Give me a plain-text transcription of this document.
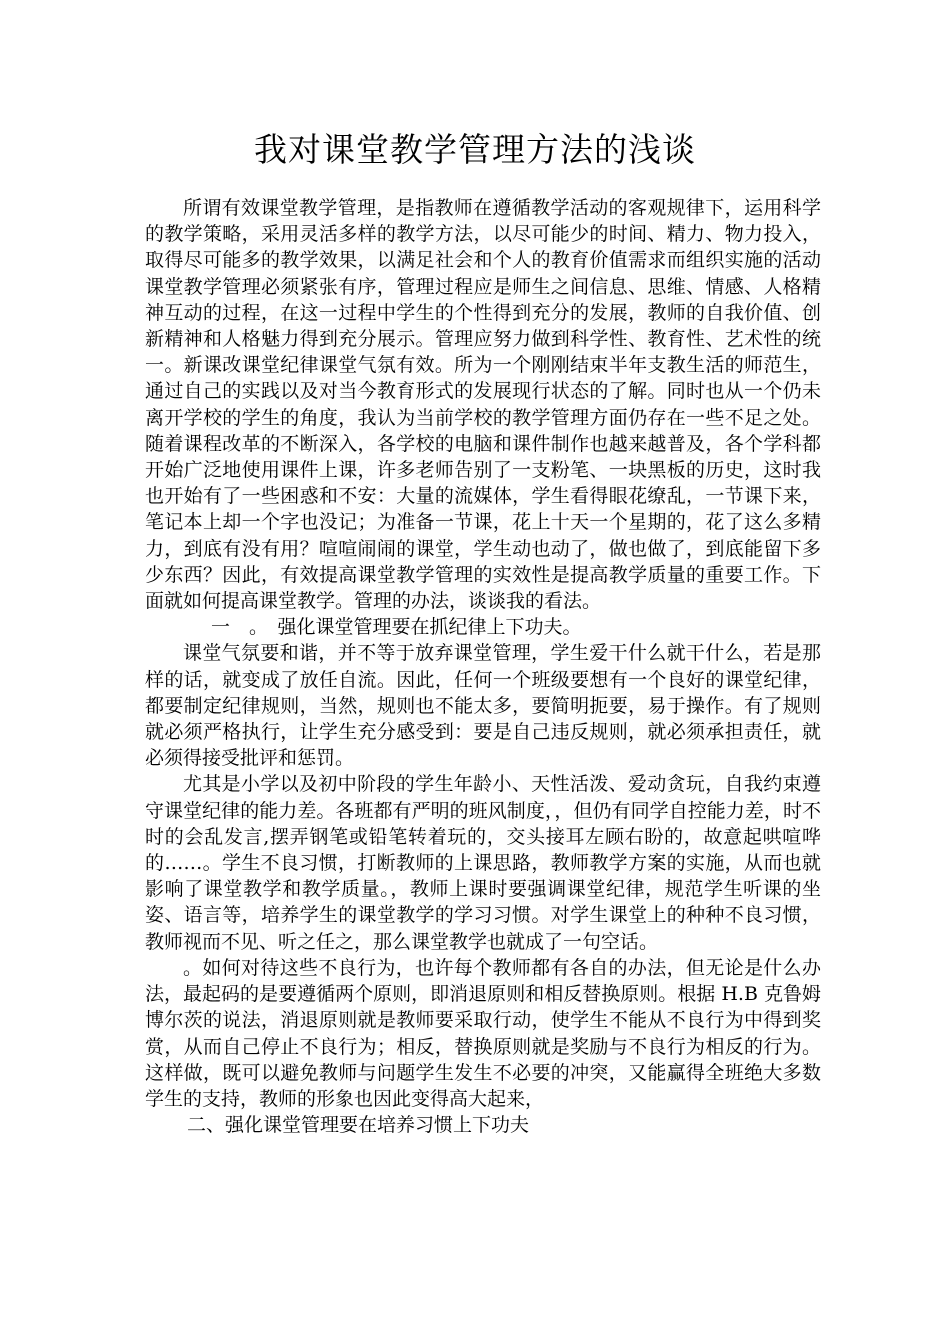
我对课堂教学管理方法的浅谈

所谓有效课堂教学管理，是指教师在遵循教学活动的客观规律下，运用科学的教学策略，采用灵活多样的教学方法，以尽可能少的时间、精力、物力投入，取得尽可能多的教学效果，以满足社会和个人的教育价值需求而组织实施的活动课堂教学管理必须紧张有序，管理过程应是师生之间信息、思维、情感、人格精神互动的过程，在这一过程中学生的个性得到充分的发展，教师的自我价值、创新精神和人格魅力得到充分展示。管理应努力做到科学性、教育性、艺术性的统一。新课改课堂纪律课堂气氛有效。所为一个刚刚结束半年支教生活的师范生，通过自己的实践以及对当今教育形式的发展现行状态的了解。同时也从一个仍未离开学校的学生的角度，我认为当前学校的教学管理方面仍存在一些不足之处。随着课程改革的不断深入，各学校的电脑和课件制作也越来越普及，各个学科都开始广泛地使用课件上课，许多老师告别了一支粉笔、一块黑板的历史，这时我也开始有了一些困惑和不安：大量的流媒体，学生看得眼花缭乱，一节课下来，笔记本上却一个字也没记；为准备一节课，花上十天一个星期的，花了这么多精力，到底有没有用？喧喧闹闹的课堂，学生动也动了，做也做了，到底能留下多少东西？因此，有效提高课堂教学管理的实效性是提高教学质量的重要工作。下面就如何提高课堂教学。管理的办法，谈谈我的看法。

一　。　强化课堂管理要在抓纪律上下功夫。

课堂气氛要和谐，并不等于放弃课堂管理，学生爱干什么就干什么，若是那样的话，就变成了放任自流。因此，任何一个班级要想有一个良好的课堂纪律，都要制定纪律规则，当然，规则也不能太多，要简明扼要，易于操作。有了规则就必须严格执行，让学生充分感受到：要是自己违反规则，就必须承担责任，就必须得接受批评和惩罚。

尤其是小学以及初中阶段的学生年龄小、天性活泼、爱动贪玩，自我约束遵守课堂纪律的能力差。各班都有严明的班风制度，，但仍有同学自控能力差，时不时的会乱发言,摆弄钢笔或铅笔转着玩的，交头接耳左顾右盼的，故意起哄喧哗的……。学生不良习惯，打断教师的上课思路，教师教学方案的实施，从而也就影响了课堂教学和教学质量。，教师上课时要强调课堂纪律，规范学生听课的坐姿、语言等，培养学生的课堂教学的学习习惯。对学生课堂上的种种不良习惯，教师视而不见、听之任之，那么课堂教学也就成了一句空话。

。如何对待这些不良行为，也许每个教师都有各自的办法，但无论是什么办法，最起码的是要遵循两个原则，即消退原则和相反替换原则。根据 H.B 克鲁姆博尔茨的说法，消退原则就是教师要采取行动，使学生不能从不良行为中得到奖赏，从而自己停止不良行为；相反，替换原则就是奖励与不良行为相反的行为。这样做，既可以避免教师与问题学生发生不必要的冲突，又能赢得全班绝大多数学生的支持，教师的形象也因此变得高大起来，

二、强化课堂管理要在培养习惯上下功夫
